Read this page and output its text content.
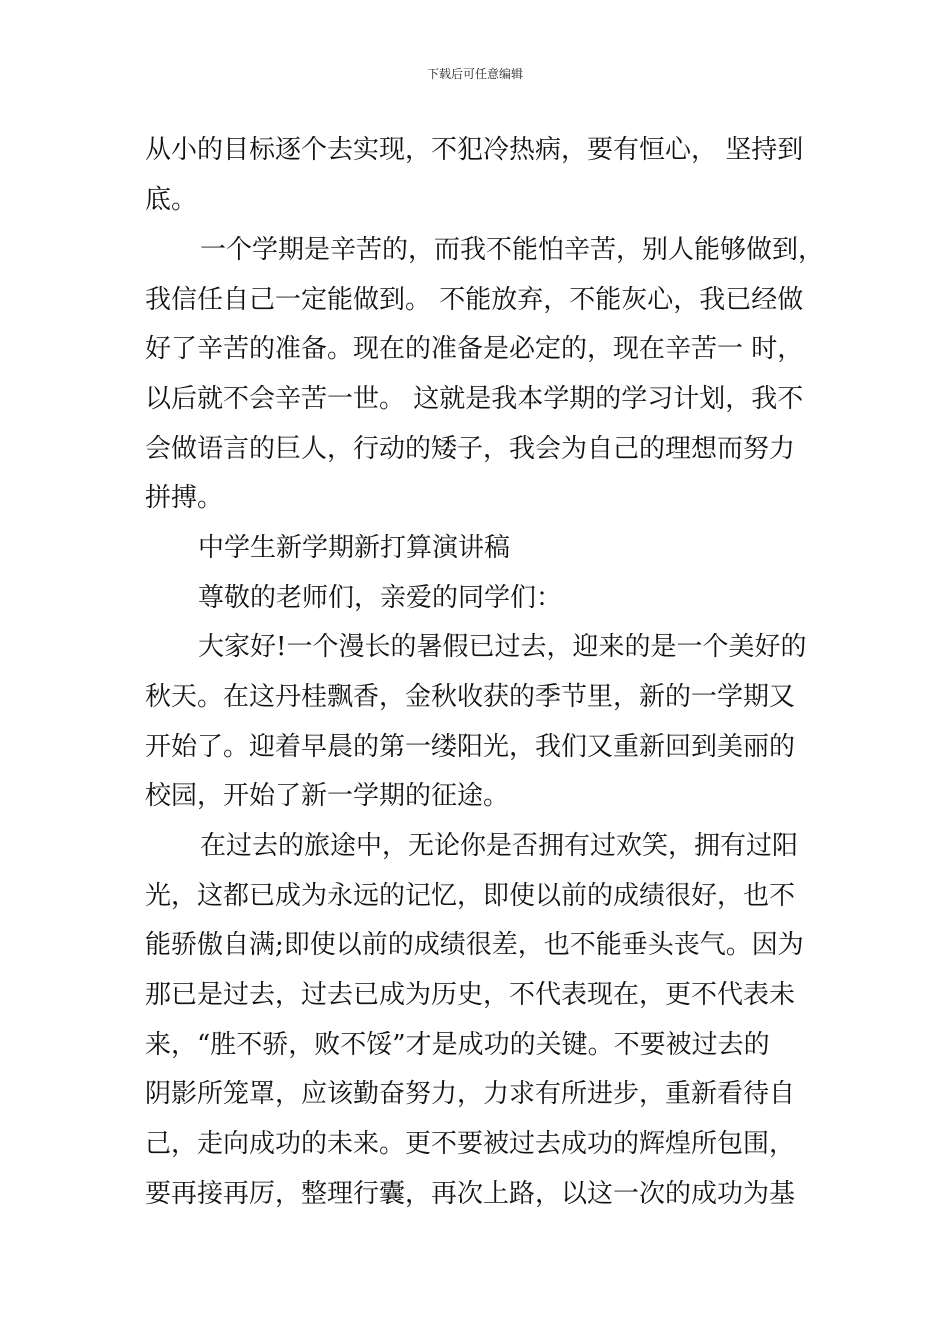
下载后可任意编辑
从小的目标逐个去实现，不犯冷热病，要有恒心， 坚持到
底。
一个学期是辛苦的，而我不能怕辛苦，别人能够做到，
我信任自己一定能做到。 不能放弃，不能灰心，我已经做
好了辛苦的准备。现在的准备是必定的，现在辛苦一 时，
以后就不会辛苦一世。 这就是我本学期的学习计划，我不
会做语言的巨人，行动的矮子，我会为自己的理想而努力
拼搏。
中学生新学期新打算演讲稿
尊敬的老师们，亲爱的同学们：
大家好!一个漫长的暑假已过去，迎来的是一个美好的
秋天。在这丹桂飘香，金秋收获的季节里，新的一学期又
开始了。迎着早晨的第一缕阳光，我们又重新回到美丽的
校园，开始了新一学期的征途。
在过去的旅途中，无论你是否拥有过欢笑，拥有过阳
光，这都已成为永远的记忆，即使以前的成绩很好，也不
能骄傲自满;即使以前的成绩很差，也不能垂头丧气。因为
那已是过去，过去已成为历史，不代表现在，更不代表未
来，“胜不骄，败不馁”才是成功的关键。不要被过去的
阴影所笼罩，应该勤奋努力，力求有所进步，重新看待自
己，走向成功的未来。更不要被过去成功的辉煌所包围，
要再接再厉，整理行囊，再次上路，以这一次的成功为基
